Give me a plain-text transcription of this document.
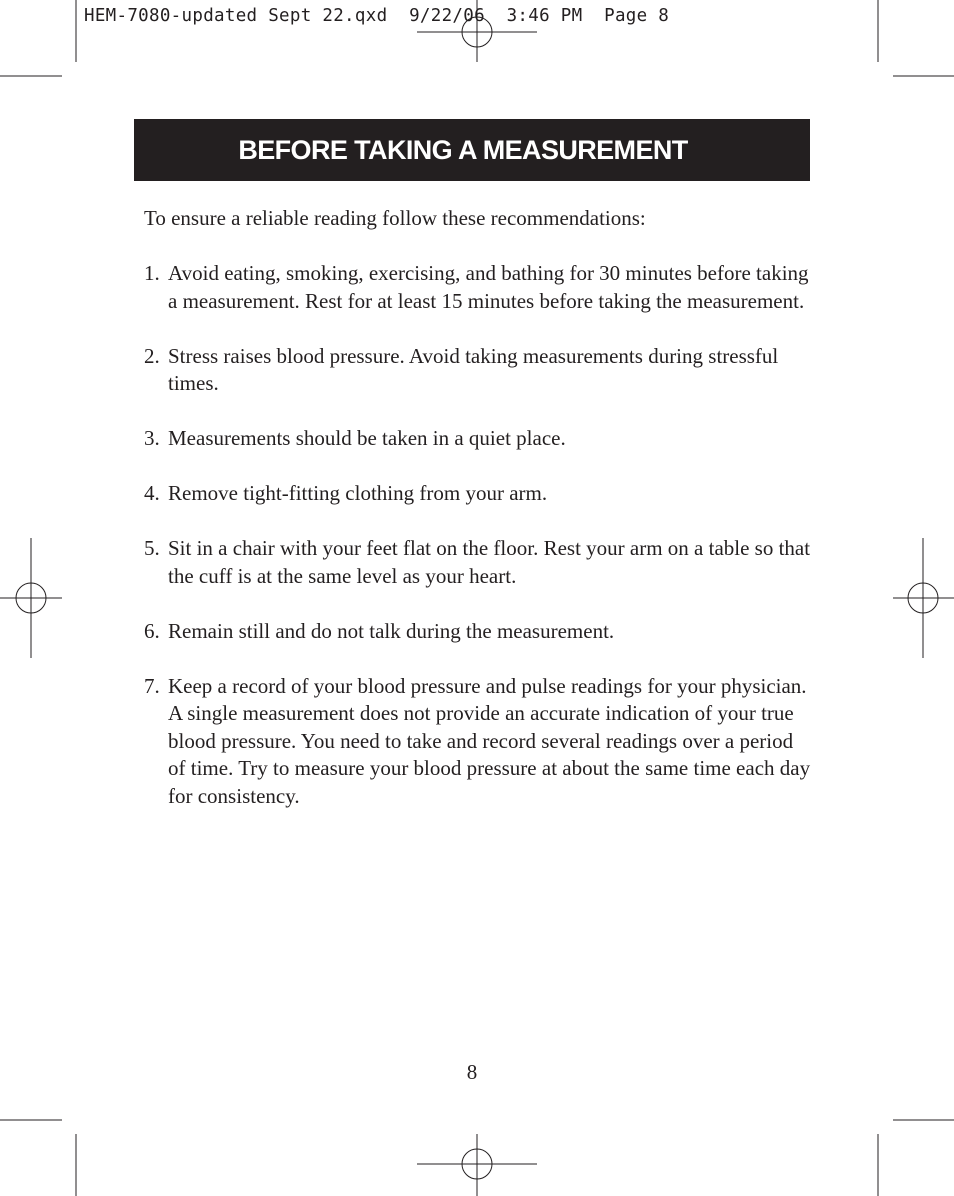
HEM-7080-updated Sept 22.qxd  9/22/06  3:46 PM  Page 8
BEFORE TAKING A MEASUREMENT

To ensure a reliable reading follow these recommendations:

1. Avoid eating, smoking, exercising, and bathing for 30 minutes before taking a measurement. Rest for at least 15 minutes before taking the measurement.
2. Stress raises blood pressure. Avoid taking measurements during stressful times.
3. Measurements should be taken in a quiet place.
4. Remove tight-fitting clothing from your arm.
5. Sit in a chair with your feet flat on the floor. Rest your arm on a table so that the cuff is at the same level as your heart.
6. Remain still and do not talk during the measurement.
7. Keep a record of your blood pressure and pulse readings for your physician. A single measurement does not provide an accurate indication of your true blood pressure. You need to take and record several readings over a period of time. Try to measure your blood pressure at about the same time each day for consistency.
8
